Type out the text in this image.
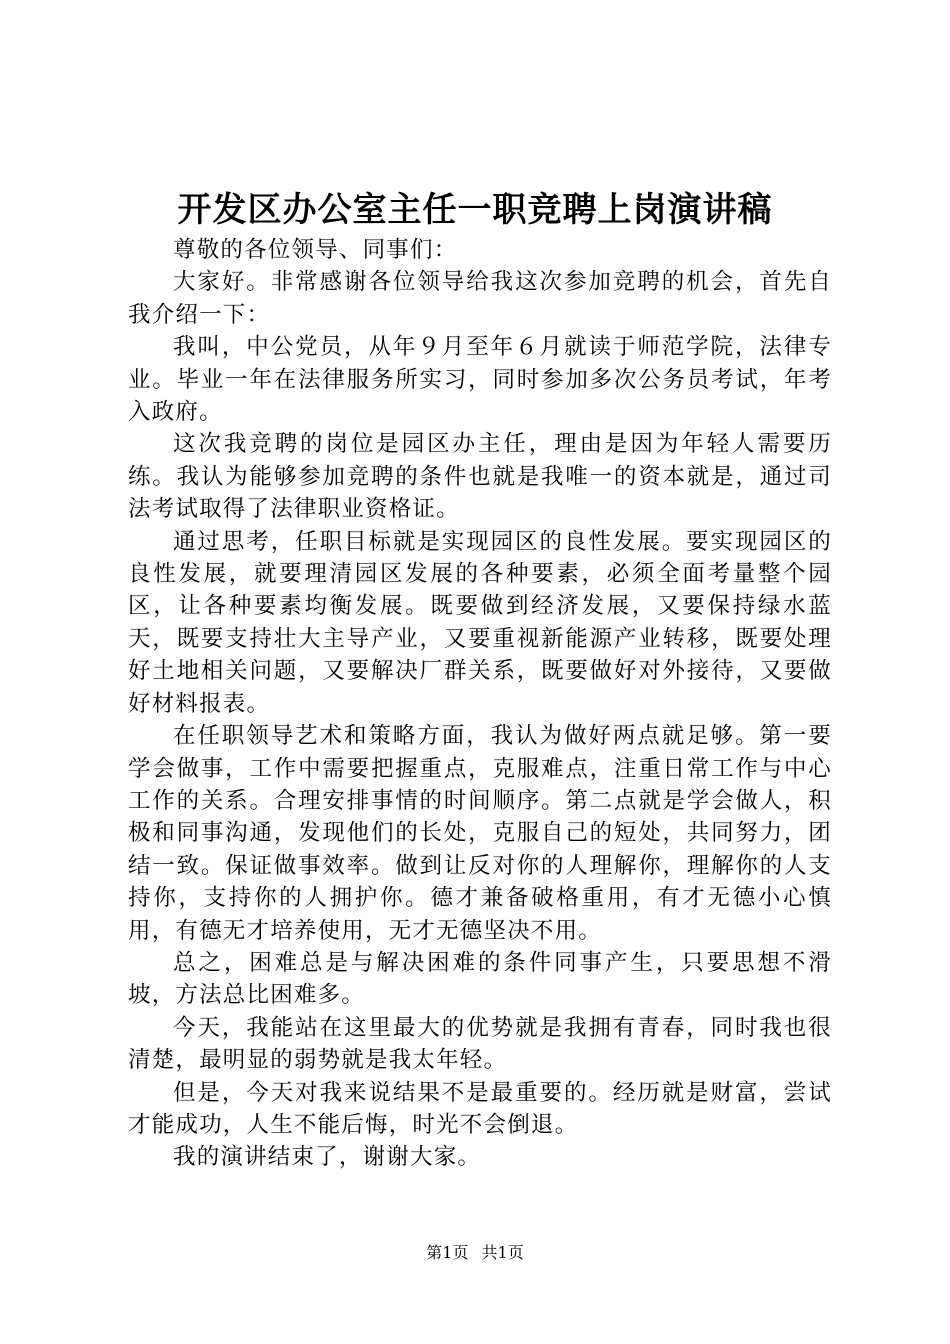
开发区办公室主任一职竞聘上岗演讲稿

尊敬的各位领导、同事们：

大家好。非常感谢各位领导给我这次参加竞聘的机会，首先自我介绍一下：

我叫，中公党员，从年９月至年６月就读于师范学院，法律专业。毕业一年在法律服务所实习，同时参加多次公务员考试，年考入政府。

这次我竞聘的岗位是园区办主任，理由是因为年轻人需要历练。我认为能够参加竞聘的条件也就是我唯一的资本就是，通过司法考试取得了法律职业资格证。

通过思考，任职目标就是实现园区的良性发展。要实现园区的良性发展，就要理清园区发展的各种要素，必须全面考量整个园区，让各种要素均衡发展。既要做到经济发展，又要保持绿水蓝天，既要支持壮大主导产业，又要重视新能源产业转移，既要处理好土地相关问题，又要解决厂群关系，既要做好对外接待，又要做好材料报表。

在任职领导艺术和策略方面，我认为做好两点就足够。第一要学会做事，工作中需要把握重点，克服难点，注重日常工作与中心工作的关系。合理安排事情的时间顺序。第二点就是学会做人，积极和同事沟通，发现他们的长处，克服自己的短处，共同努力，团结一致。保证做事效率。做到让反对你的人理解你，理解你的人支持你，支持你的人拥护你。德才兼备破格重用，有才无德小心慎用，有德无才培养使用，无才无德坚决不用。

总之，困难总是与解决困难的条件同事产生，只要思想不滑坡，方法总比困难多。

今天，我能站在这里最大的优势就是我拥有青春，同时我也很清楚，最明显的弱势就是我太年轻。

但是，今天对我来说结果不是最重要的。经历就是财富，尝试才能成功，人生不能后悔，时光不会倒退。

我的演讲结束了，谢谢大家。

第1页 共1页
